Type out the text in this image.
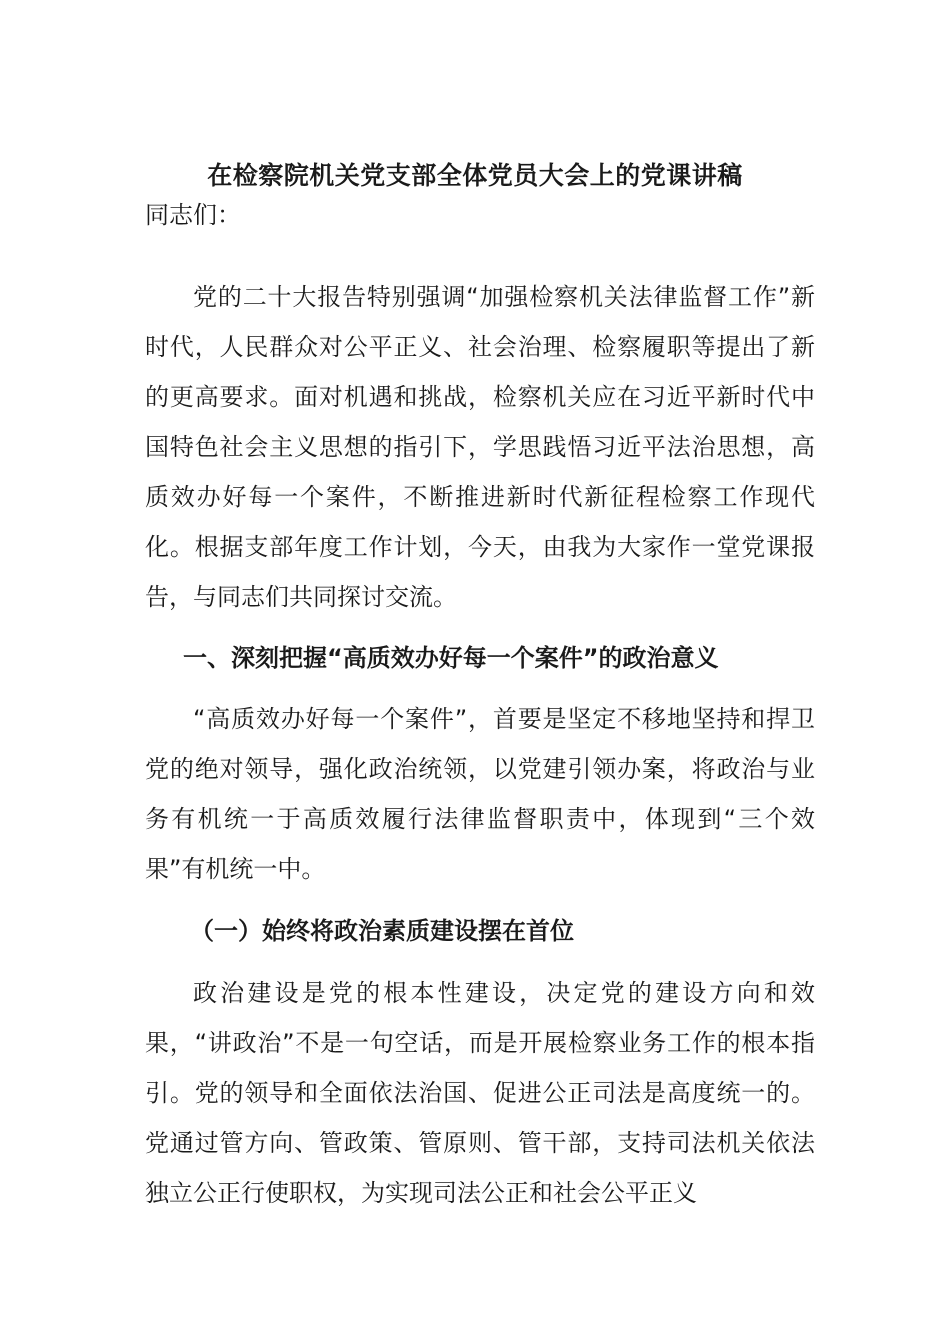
在检察院机关党支部全体党员大会上的党课讲稿
同志们：

党的二十大报告特别强调“加强检察机关法律监督工作”新时代，人民群众对公平正义、社会治理、检察履职等提出了新的更高要求。面对机遇和挑战，检察机关应在习近平新时代中国特色社会主义思想的指引下，学思践悟习近平法治思想，高质效办好每一个案件，不断推进新时代新征程检察工作现代化。根据支部年度工作计划，今天，由我为大家作一堂党课报告，与同志们共同探讨交流。

一、深刻把握“高质效办好每一个案件”的政治意义

“高质效办好每一个案件”，首要是坚定不移地坚持和捍卫党的绝对领导，强化政治统领，以党建引领办案，将政治与业务有机统一于高质效履行法律监督职责中，体现到“三个效果”有机统一中。

（一）始终将政治素质建设摆在首位

政治建设是党的根本性建设，决定党的建设方向和效果，“讲政治”不是一句空话，而是开展检察业务工作的根本指引。党的领导和全面依法治国、促进公正司法是高度统一的。党通过管方向、管政策、管原则、管干部，支持司法机关依法独立公正行使职权，为实现司法公正和社会公平正义
